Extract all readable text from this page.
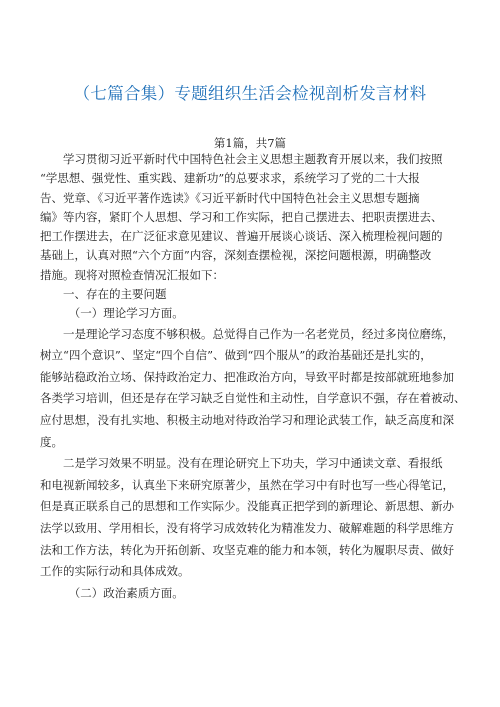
（七篇合集）专题组织生活会检视剖析发言材料
第1篇，共7篇

　　学习贯彻习近平新时代中国特色社会主义思想主题教育开展以来，我们按照

“学思想、强党性、重实践、建新功”的总要求求，系统学习了党的二十大报

告、党章、《习近平著作选读》《习近平新时代中国特色社会主义思想专题摘

编》等内容，紧盯个人思想、学习和工作实际，把自己摆进去、把职责摆进去、

把工作摆进去，在广泛征求意见建议、普遍开展谈心谈话、深入梳理检视问题的

基础上，认真对照“六个方面”内容，深刻查摆检视，深挖问题根源，明确整改

措施。现将对照检查情况汇报如下：

　　一、存在的主要问题

　　　（一）理论学习方面。

　　一是理论学习态度不够积极。总觉得自己作为一名老党员，经过多岗位磨练，

树立“四个意识”、坚定“四个自信”、做到“四个服从”的政治基础还是扎实的，

能够站稳政治立场、保持政治定力、把准政治方向，导致平时都是按部就班地参加

各类学习培训，但还是存在学习缺乏自觉性和主动性，自学意识不强，存在着被动、

应付思想，没有扎实地、积极主动地对待政治学习和理论武装工作，缺乏高度和深

度。

　　二是学习效果不明显。没有在理论研究上下功夫，学习中通读文章、看报纸

和电视新闻较多，认真坐下来研究原著少，虽然在学习中有时也写一些心得笔记，

但是真正联系自己的思想和工作实际少。没能真正把学到的新理论、新思想、新办

法学以致用、学用相长，没有将学习成效转化为精准发力、破解难题的科学思维方

法和工作方法，转化为开拓创新、攻坚克难的能力和本领，转化为履职尽责、做好

工作的实际行动和具体成效。

　　　（二）政治素质方面。
